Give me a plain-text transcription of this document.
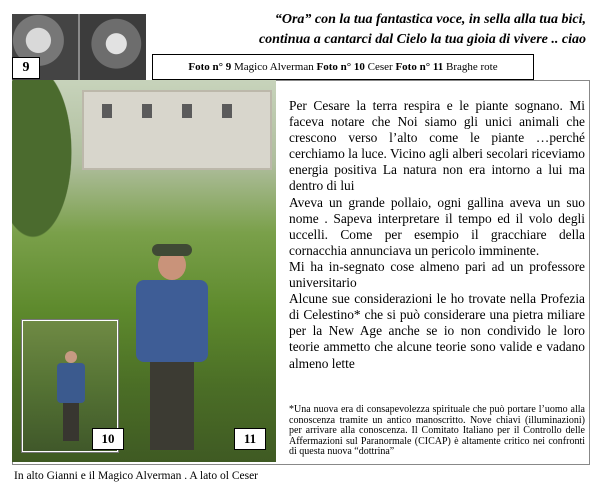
9
“Ora” con la tua fantastica voce, in sella alla tua bici,
continua a cantarci dal Cielo la tua gioia di vivere .. ciao
Foto n° 9 Magico Alverman Foto n° 10 Ceser Foto n° 11 Braghe rote
10	11

Per Cesare la terra respira e le piante sognano. Mi faceva notare che Noi siamo gli unici animali che crescono verso l’alto come le piante …perché cerchiamo la luce. Vicino agli alberi secolari riceviamo energia positiva La natura non era intorno a lui ma dentro di lui

Aveva un grande pollaio, ogni gallina aveva un suo nome . Sapeva interpretare il tempo ed il volo degli uccelli. Come per esempio il gracchiare della cornacchia annunciava un pericolo imminente.

Mi ha in-segnato cose almeno pari ad un professore universitario

Alcune sue considerazioni le ho trovate nella Profezia di Celestino* che si può considerare una pietra miliare per la New Age anche se io non condivido le loro teorie ammetto che alcune teorie sono valide e vadano almeno lette

*Una nuova era di consapevolezza spirituale che può portare l’uomo alla conoscenza tramite un antico manoscritto. Nove chiavi (illuminazioni) per arrivare alla conoscenza. Il Comitato Italiano per il Controllo delle Affermazioni sul Paranormale (CICAP) è altamente critico nei confronti di questa nuova “dottrina”
In alto Gianni e il Magico Alverman . A lato ol Ceser
